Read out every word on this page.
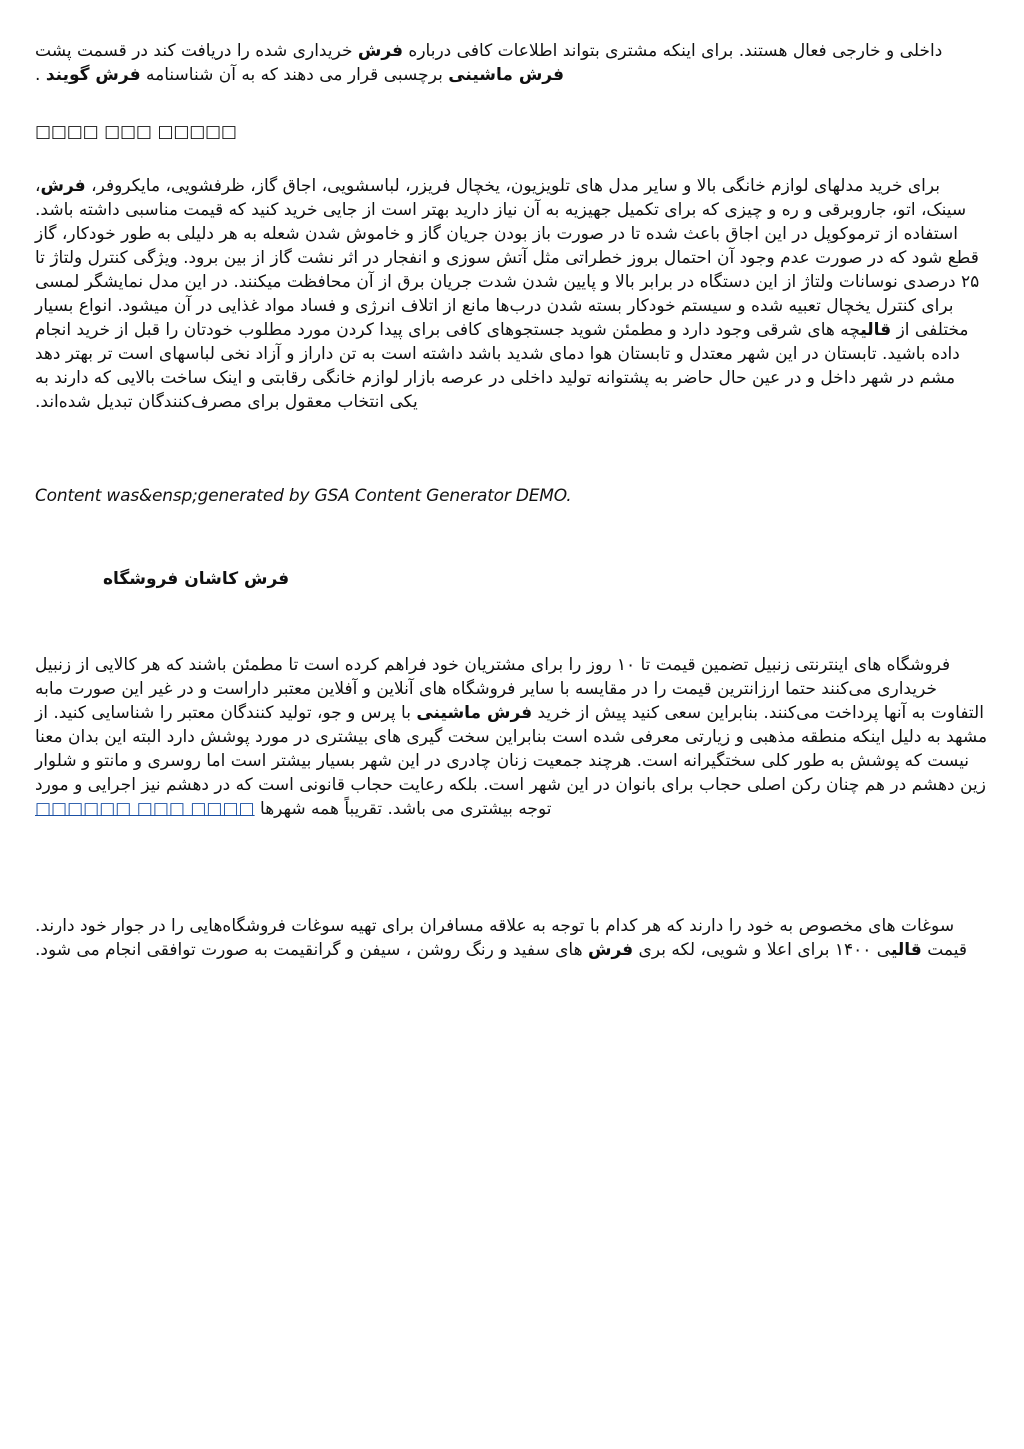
داخلی و خارجی فعال هستند. برای اینکه مشتری بتواند اطلاعات کافی درباره فرش خریداری شده را دریافت کند در قسمت پشت فرش ماشینی برچسبی قرار می دهند که به آن شناسنامه فرش گویند .

□□□□ □□□ □□□□□

برای خرید مدلهای لوازم خانگی بالا و سایر مدل های تلویزیون، یخچال فریزر، لباسشویی، اجاق گاز، ظرفشویی، مایکروفر، فرش، سینک، اتو، جاروبرقی و ره و چیزی که برای تکمیل جهیزیه به آن نیاز دارید بهتر است از جایی خرید کنید که قیمت مناسبی داشته باشد. استفاده از ترموکوپل در این اجاق باعث شده تا در صورت باز بودن جریان گاز و خاموش شدن شعله به هر دلیلی به طور خودکار، گاز قطع شود که در صورت عدم وجود آن احتمال بروز خطراتی مثل آتش سوزی و انفجار در اثر نشت گاز از بین برود. ویژگی کنترل ولتاژ تا ۲۵ درصدی نوسانات ولتاژ از این دستگاه در برابر بالا و پایین شدن شدت جریان برق از آن محافظت میکنند. در این مدل نمایشگر لمسی برای کنترل یخچال تعبیه شده و سیستم خودکار بسته شدن درب‌ها مانع از اتلاف انرژی و فساد مواد غذایی در آن میشود. انواع بسیار مختلفی از قالیچه های شرقی وجود دارد و مطمئن شوید جستجوهای کافی برای پیدا کردن مورد مطلوب خودتان را قبل از خرید انجام داده باشید. تابستان در این شهر معتدل و تابستان هوا دمای شدید باشد داشته است به تن داراز و آزاد نخی لباسهای است تر بهتر دهد مشم در شهر داخل و در عین حال حاضر به پشتوانه تولید داخلی در عرصه بازار لوازم خانگی رقابتی و اینک ساخت بالایی که دارند به یکی انتخاب معقول برای مصرف‌کنندگان تبدیل شده‌اند.

Content was&ensp;generated by GSA Content Generator DEMO.

فرش کاشان فروشگاه

فروشگاه های اینترنتی زنبیل تضمین قیمت تا ۱۰ روز را برای مشتریان خود فراهم کرده است تا مطمئن باشند که هر کالایی از زنبیل خریداری می‌کنند حتما ارزانترین قیمت را در مقایسه با سایر فروشگاه های آنلاین و آفلاین معتبر داراست و در غیر این صورت مابه التفاوت به آنها پرداخت می‌کنند. بنابراین سعی کنید پیش از خرید فرش ماشینی با پرس و جو، تولید کنندگان معتبر را شناسایی کنید. از مشهد به دلیل اینکه منطقه مذهبی و زیارتی معرفی شده است بنابراین سخت گیری های بیشتری در مورد پوشش دارد البته این بدان معنا نیست که پوشش به طور کلی سختگیرانه است. هرچند جمعیت زنان چادری در این شهر بسیار بیشتر است اما روسری و مانتو و شلوار زین دهشم در هم چنان رکن اصلی حجاب برای بانوان در این شهر است. بلکه رعایت حجاب قانونی است که در دهشم نیز اجرایی و مورد توجه بیشتری می باشد. تقریباً همه شهرها □□□□ □□□ □□□□□□

سوغات های مخصوص به خود را دارند که هر کدام با توجه به علاقه مسافران برای تهیه سوغات فروشگاه‌هایی را در جوار خود دارند. قیمت قالیی ۱۴۰۰ برای اعلا و شویی، لکه بری فرش های سفید و رنگ روشن ، سیفن و گرانقیمت به صورت توافقی انجام می شود.
